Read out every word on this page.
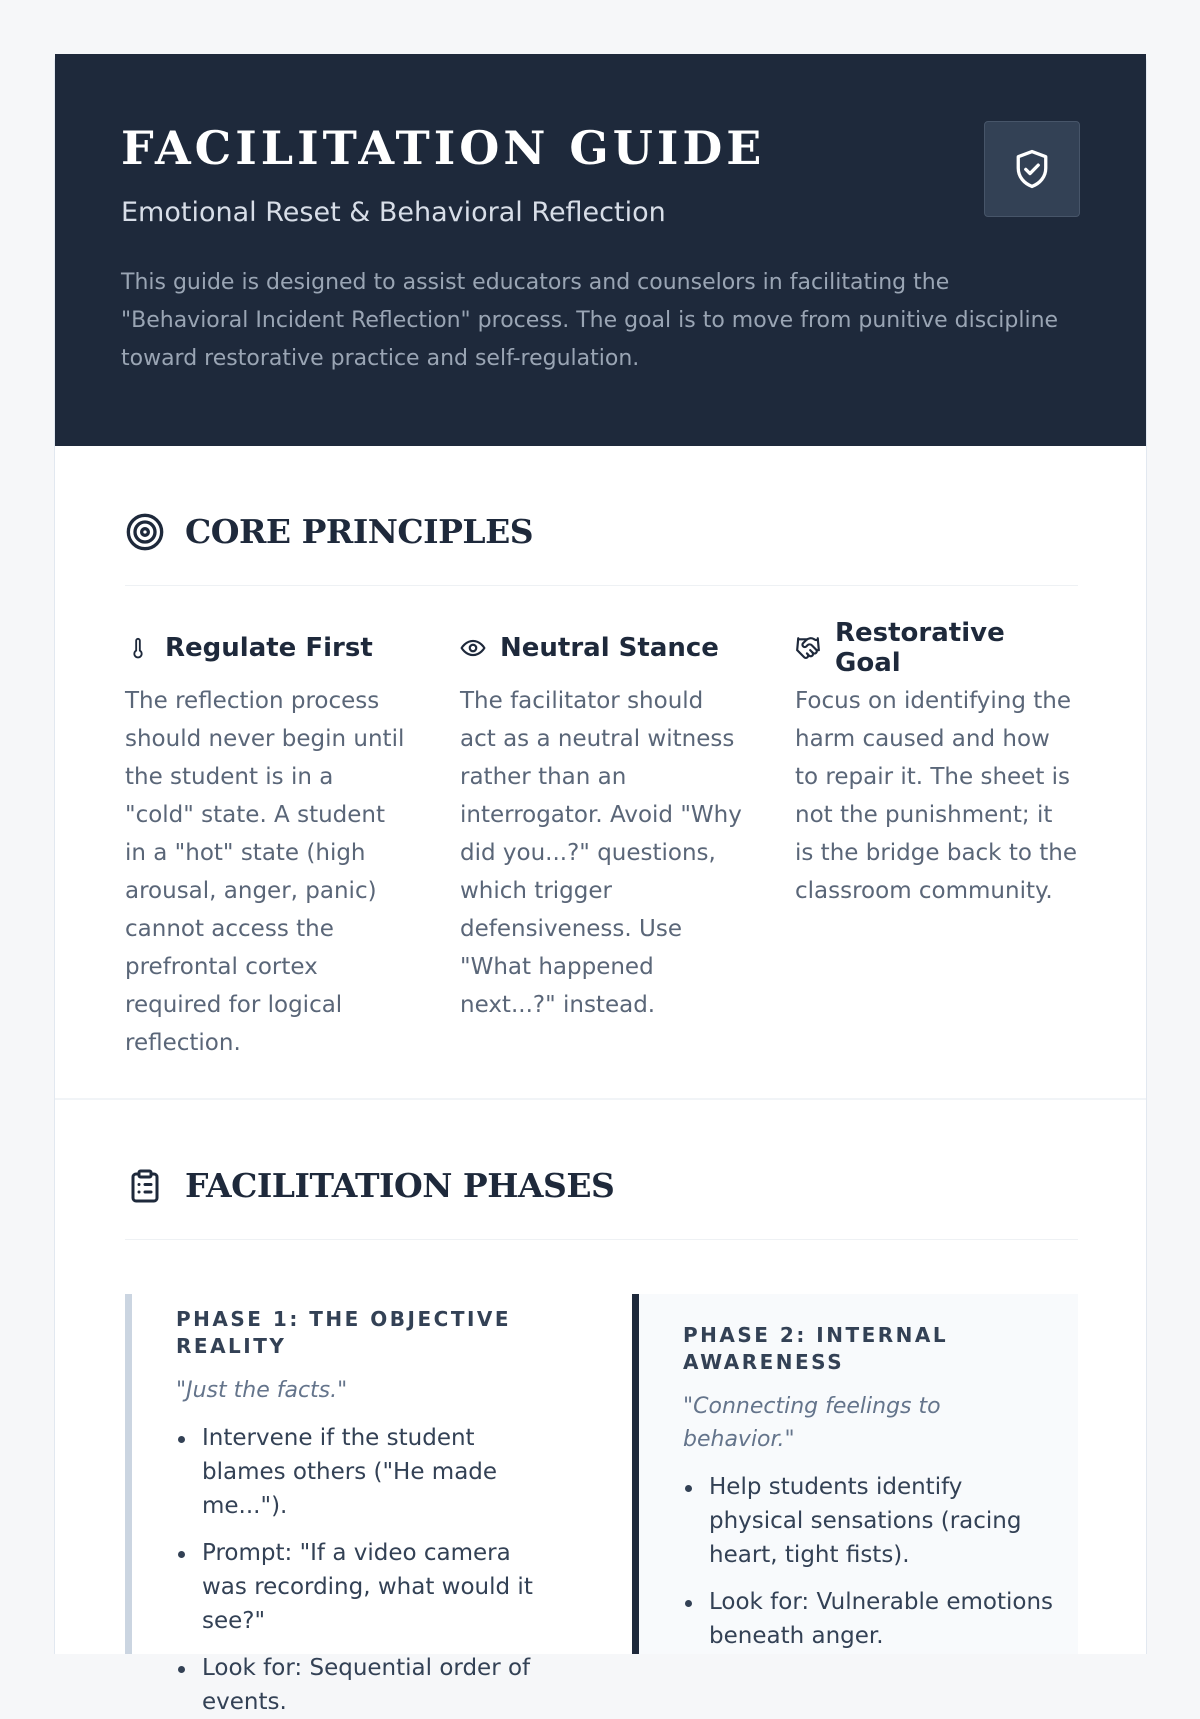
FACILITATION GUIDE
Emotional Reset & Behavioral Reflection

This guide is designed to assist educators and counselors in facilitating the "Behavioral Incident Reflection" process. The goal is to move from punitive discipline toward restorative practice and self-regulation.

CORE PRINCIPLES
Regulate First

The reflection process should never begin until the student is in a "cold" state. A student in a "hot" state (high arousal, anger, panic) cannot access the prefrontal cortex required for logical reflection.

Neutral Stance

The facilitator should act as a neutral witness rather than an interrogator. Avoid "Why did you...?" questions, which trigger defensiveness. Use "What happened next...?" instead.

Restorative Goal

Focus on identifying the harm caused and how to repair it. The sheet is not the punishment; it is the bridge back to the classroom community.

FACILITATION PHASES
PHASE 1: THE OBJECTIVE REALITY

"Just the facts."

Intervene if the student blames others ("He made me...").
Prompt: "If a video camera was recording, what would it see?"
Look for: Sequential order of events.
PHASE 2: INTERNAL AWARENESS

"Connecting feelings to behavior."

Help students identify physical sensations (racing heart, tight fists).
Look for: Vulnerable emotions beneath anger.
